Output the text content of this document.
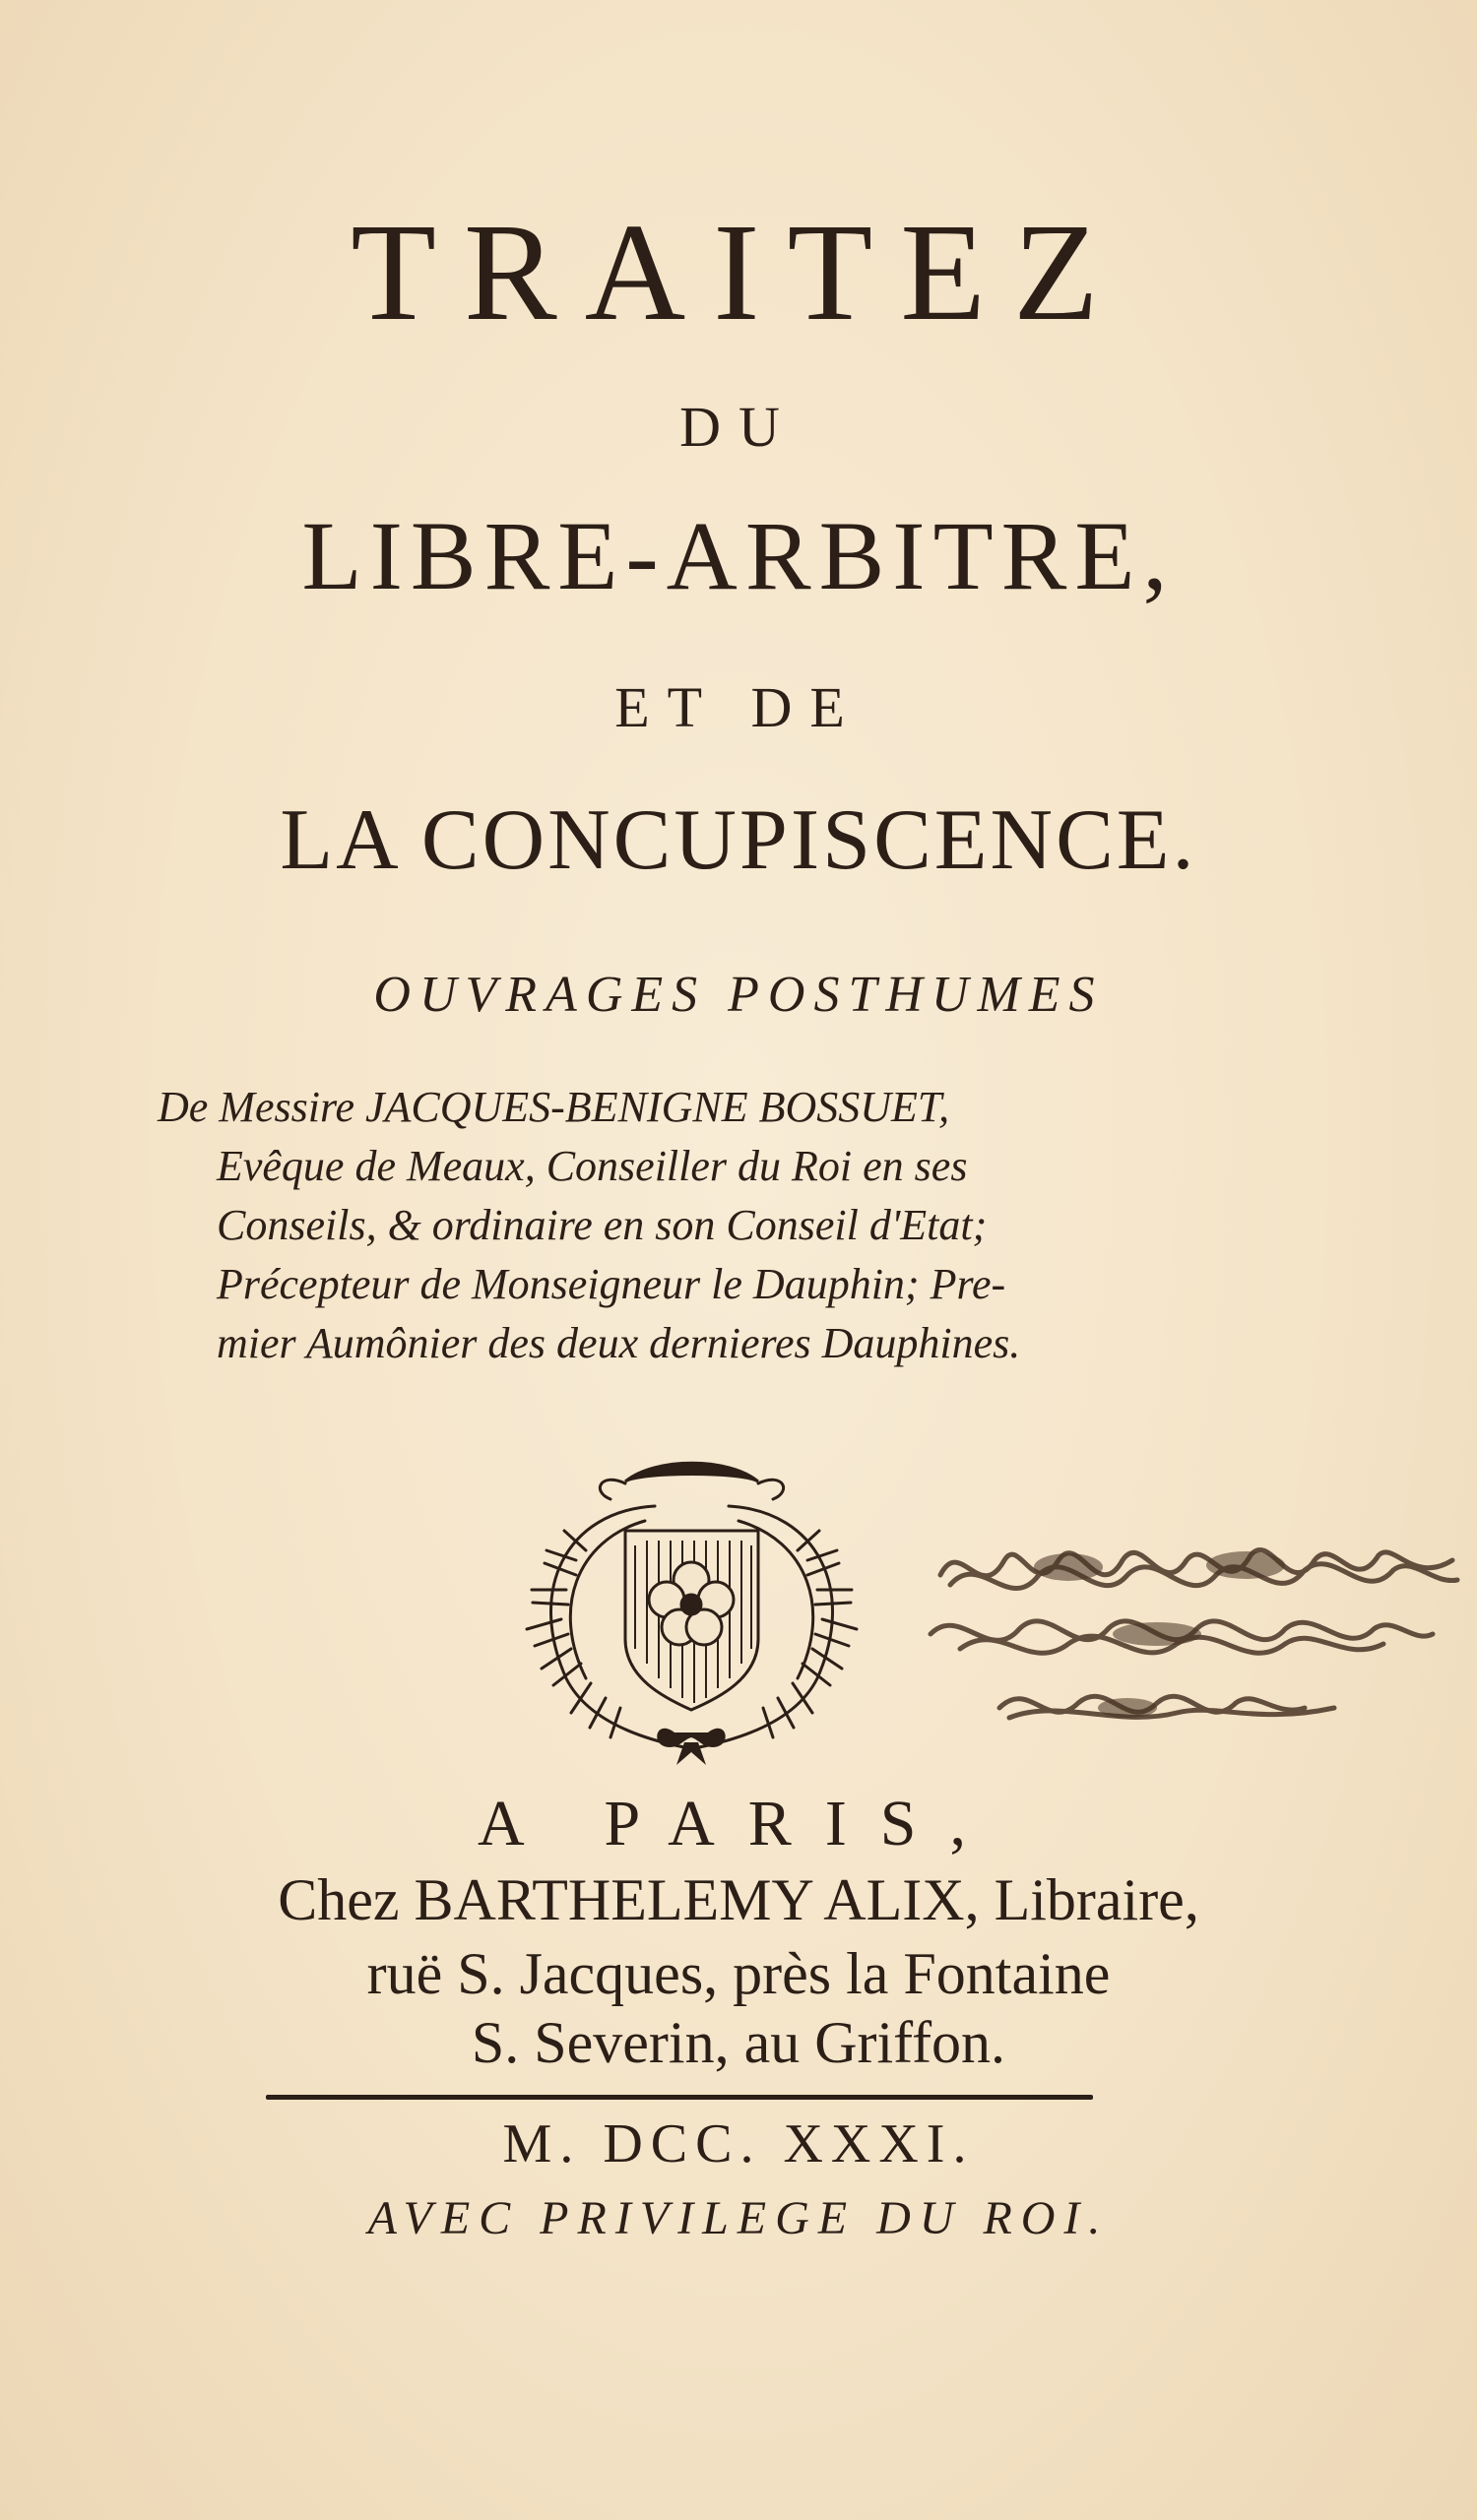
TRAITEZ
DU
LIBRE-ARBITRE,
ET DE
LA CONCUPISCENCE.
OUVRAGES POSTHUMES
De Messire JACQUES-BENIGNE BOSSUET,
Evêque de Meaux, Conseiller du Roi en ses
Conseils, & ordinaire en son Conseil d'Etat;
Précepteur de Monseigneur le Dauphin; Pre-
mier Aumônier des deux dernieres Dauphines.
A PARIS,
Chez BARTHELEMY ALIX, Libraire,
ruë S. Jacques, près la Fontaine
S. Severin, au Griffon.
M. DCC. XXXI.
AVEC PRIVILEGE DU ROI.
